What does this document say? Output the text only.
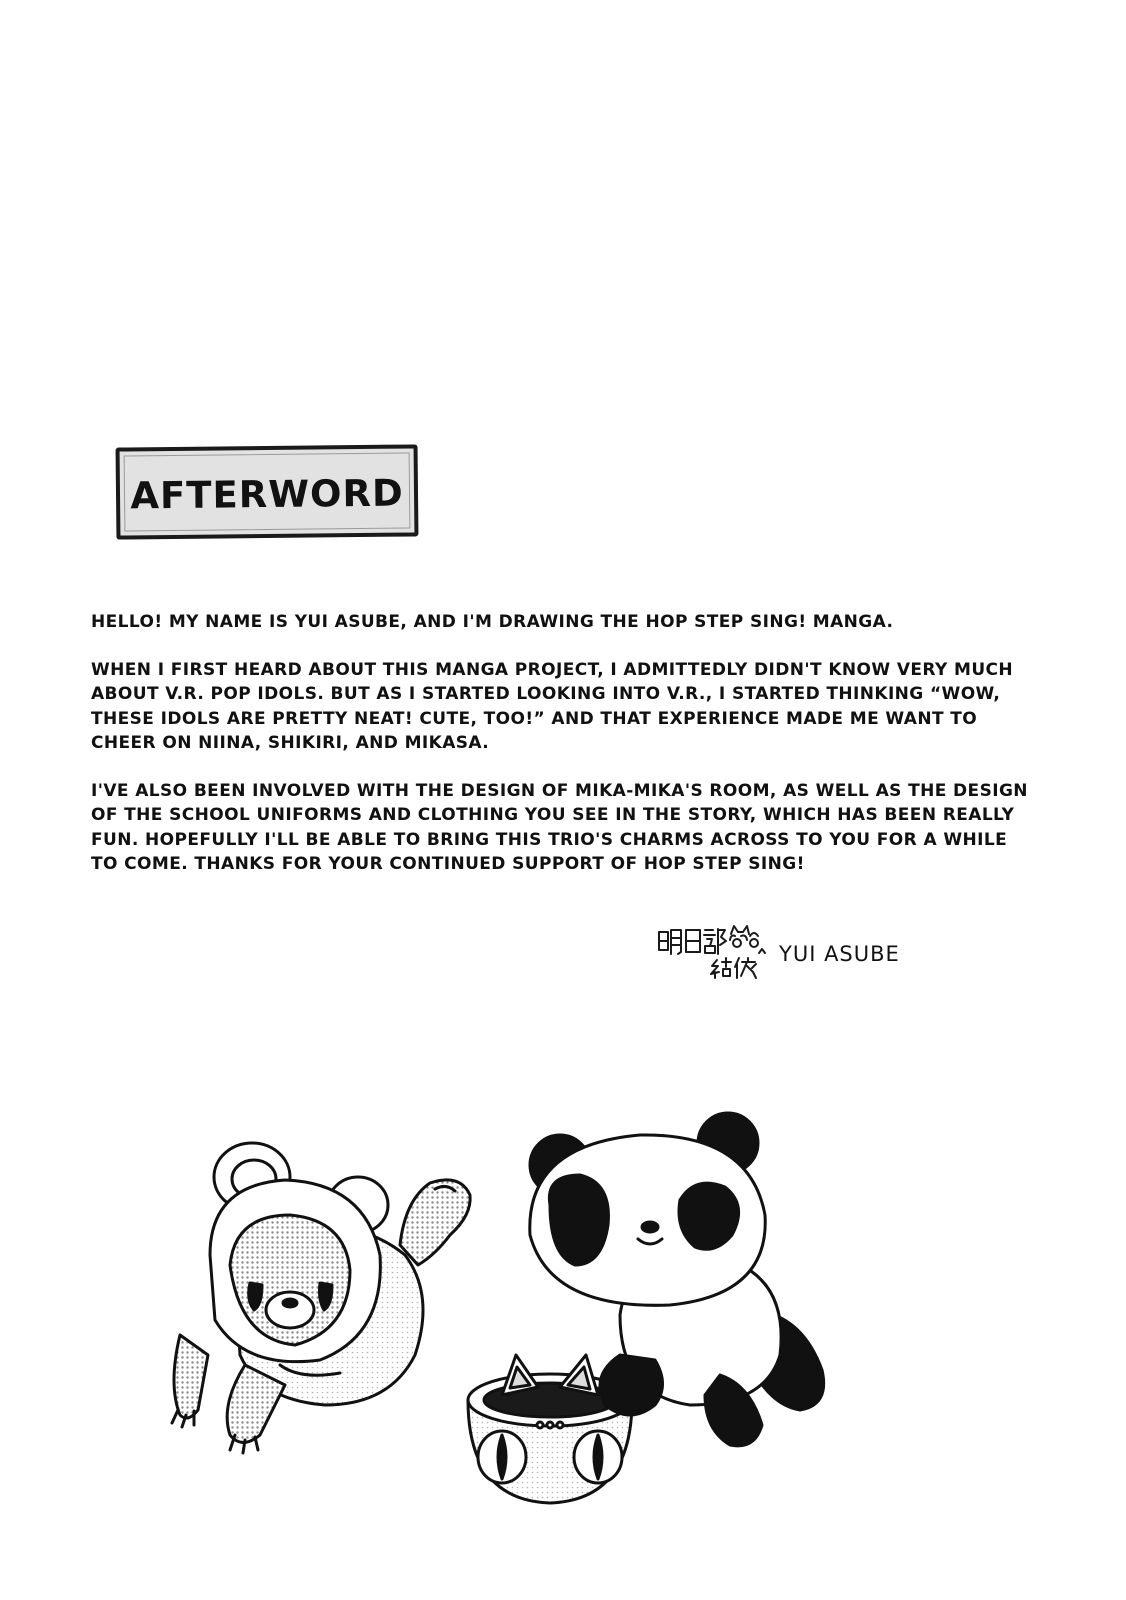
AFTERWORD

HELLO! MY NAME IS YUI ASUBE, AND I'M DRAWING THE HOP STEP SING! MANGA.

WHEN I FIRST HEARD ABOUT THIS MANGA PROJECT, I ADMITTEDLY DIDN'T KNOW VERY MUCH ABOUT V.R. POP IDOLS. BUT AS I STARTED LOOKING INTO V.R., I STARTED THINKING “WOW, THESE IDOLS ARE PRETTY NEAT! CUTE, TOO!” AND THAT EXPERIENCE MADE ME WANT TO CHEER ON NIINA, SHIKIRI, AND MIKASA.

I'VE ALSO BEEN INVOLVED WITH THE DESIGN OF MIKA-MIKA'S ROOM, AS WELL AS THE DESIGN OF THE SCHOOL UNIFORMS AND CLOTHING YOU SEE IN THE STORY, WHICH HAS BEEN REALLY FUN. HOPEFULLY I'LL BE ABLE TO BRING THIS TRIO'S CHARMS ACROSS TO YOU FOR A WHILE TO COME. THANKS FOR YOUR CONTINUED SUPPORT OF HOP STEP SING!

YUI ASUBE
